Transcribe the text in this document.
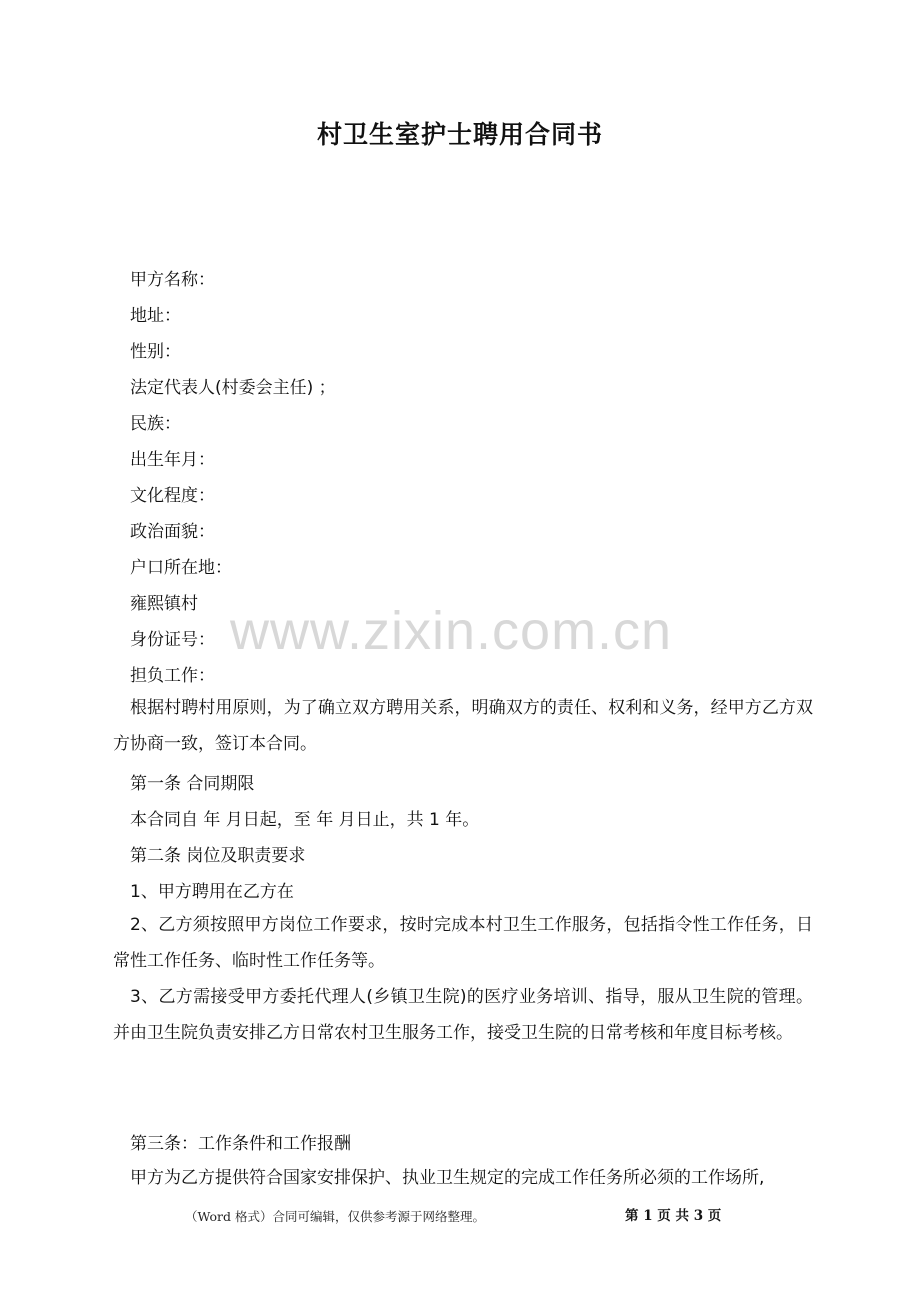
村卫生室护士聘用合同书
甲方名称：
地址：
性别：
法定代表人(村委会主任) ；
民族：
出生年月：
文化程度：
政治面貌：
户口所在地：
雍熙镇村
身份证号：
担负工作：
根据村聘村用原则，为了确立双方聘用关系，明确双方的责任、权利和义务，经甲方乙方双方协商一致，签订本合同。
第一条 合同期限
本合同自 年 月日起，至 年 月日止，共 1 年。
第二条 岗位及职责要求
1、甲方聘用在乙方在
2、乙方须按照甲方岗位工作要求，按时完成本村卫生工作服务，包括指令性工作任务，日常性工作任务、临时性工作任务等。
3、乙方需接受甲方委托代理人(乡镇卫生院)的医疗业务培训、指导，服从卫生院的管理。并由卫生院负责安排乙方日常农村卫生服务工作，接受卫生院的日常考核和年度目标考核。
第三条：工作条件和工作报酬
甲方为乙方提供符合国家安排保护、执业卫生规定的完成工作任务所必须的工作场所,
www.zixin.com.cn
（Word 格式）合同可编辑，仅供参考源于网络整理。	第 1 页 共 3 页
